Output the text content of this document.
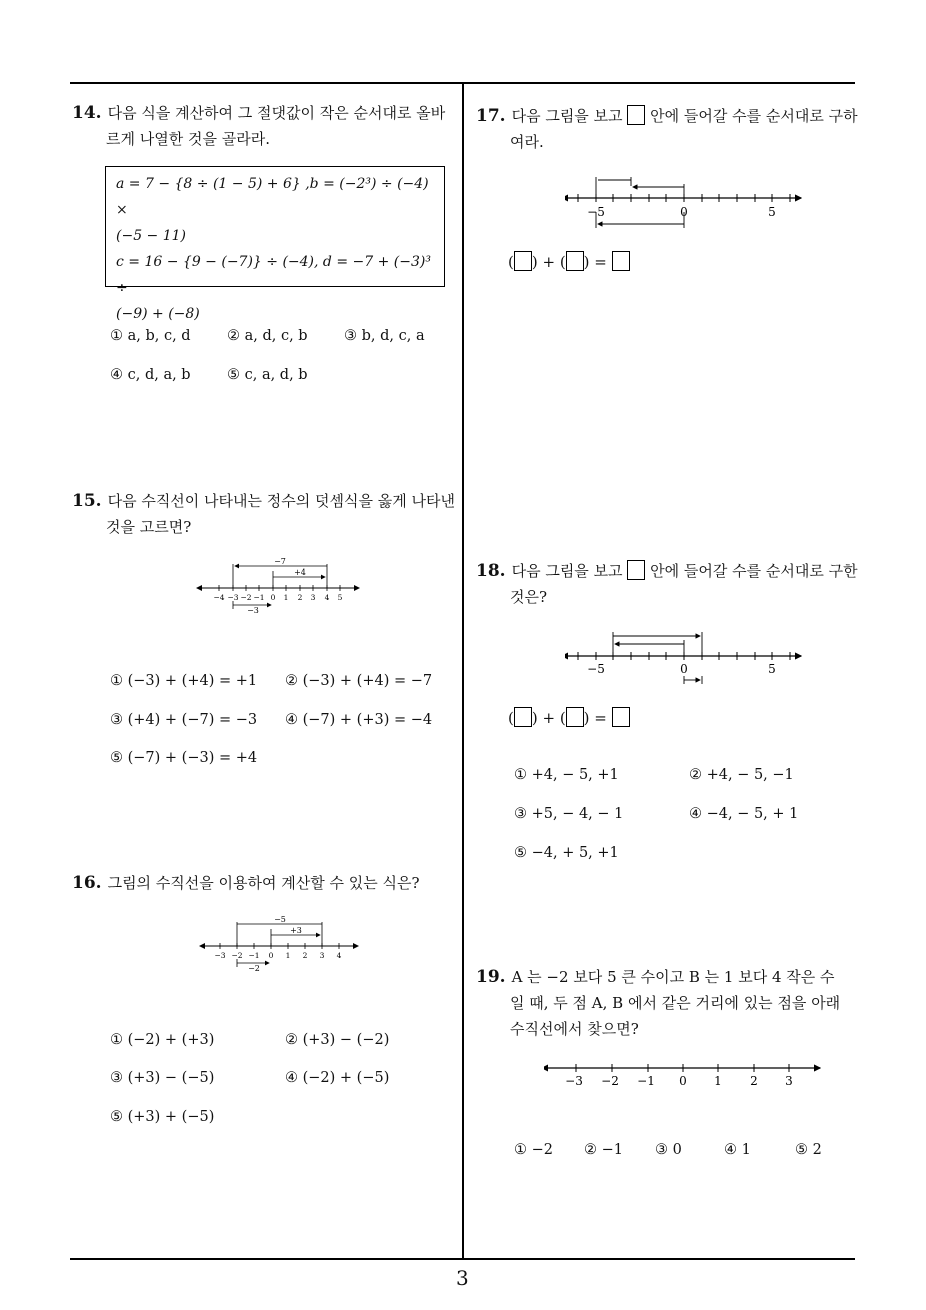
14. 다음 식을 계산하여 그 절댓값이 작은 순서대로 올바
르게 나열한 것을 골라라.
a = 7 − {8 ÷ (1 − 5) + 6} ,b = (−2³) ÷ (−4) ×
(−5 − 11)
c = 16 − {9 − (−7)} ÷ (−4), d = −7 + (−3)³ ÷
(−9) + (−8)
① a, b, c, d	② a, d, c, b	③ b, d, c, a
④ c, d, a, b	⑤ c, a, d, b
15. 다음 수직선이 나타내는 정수의 덧셈식을 옳게 나타낸
것을 고르면?
−7
+4
−3
−4 −3 −2 −1 0 1 2 3 4 5
① (−3) + (+4) = +1 ② (−3) + (+4) = −7
③ (+4) + (−7) = −3 ④ (−7) + (+3) = −4
⑤ (−7) + (−3) = +4
16. 그림의 수직선을 이용하여 계산할 수 있는 식은?
−5
+3
−2
−3 −2 −1 0 1 2 3 4
① (−2) + (+3)	② (+3) − (−2)
③ (+3) − (−5)	④ (−2) + (−5)
⑤ (+3) + (−5)
17. 다음 그림을 보고 안에 들어갈 수를 순서대로 구하
여라.
−5	0	5
( ) + ( ) =
18. 다음 그림을 보고 안에 들어갈 수를 순서대로 구한
것은?
−5	0	5
( ) + ( ) =
① +4, − 5, +1	② +4, − 5, −1
③ +5, − 4, − 1	④ −4, − 5, + 1
⑤ −4, + 5, +1
19. A 는 −2 보다 5 큰 수이고 B 는 1 보다 4 작은 수
일 때, 두 점 A, B 에서 같은 거리에 있는 점을 아래
수직선에서 찾으면?
−3 −2 −1 0 1 2 3
① −2 ② −1 ③ 0	④ 1	⑤ 2
3
